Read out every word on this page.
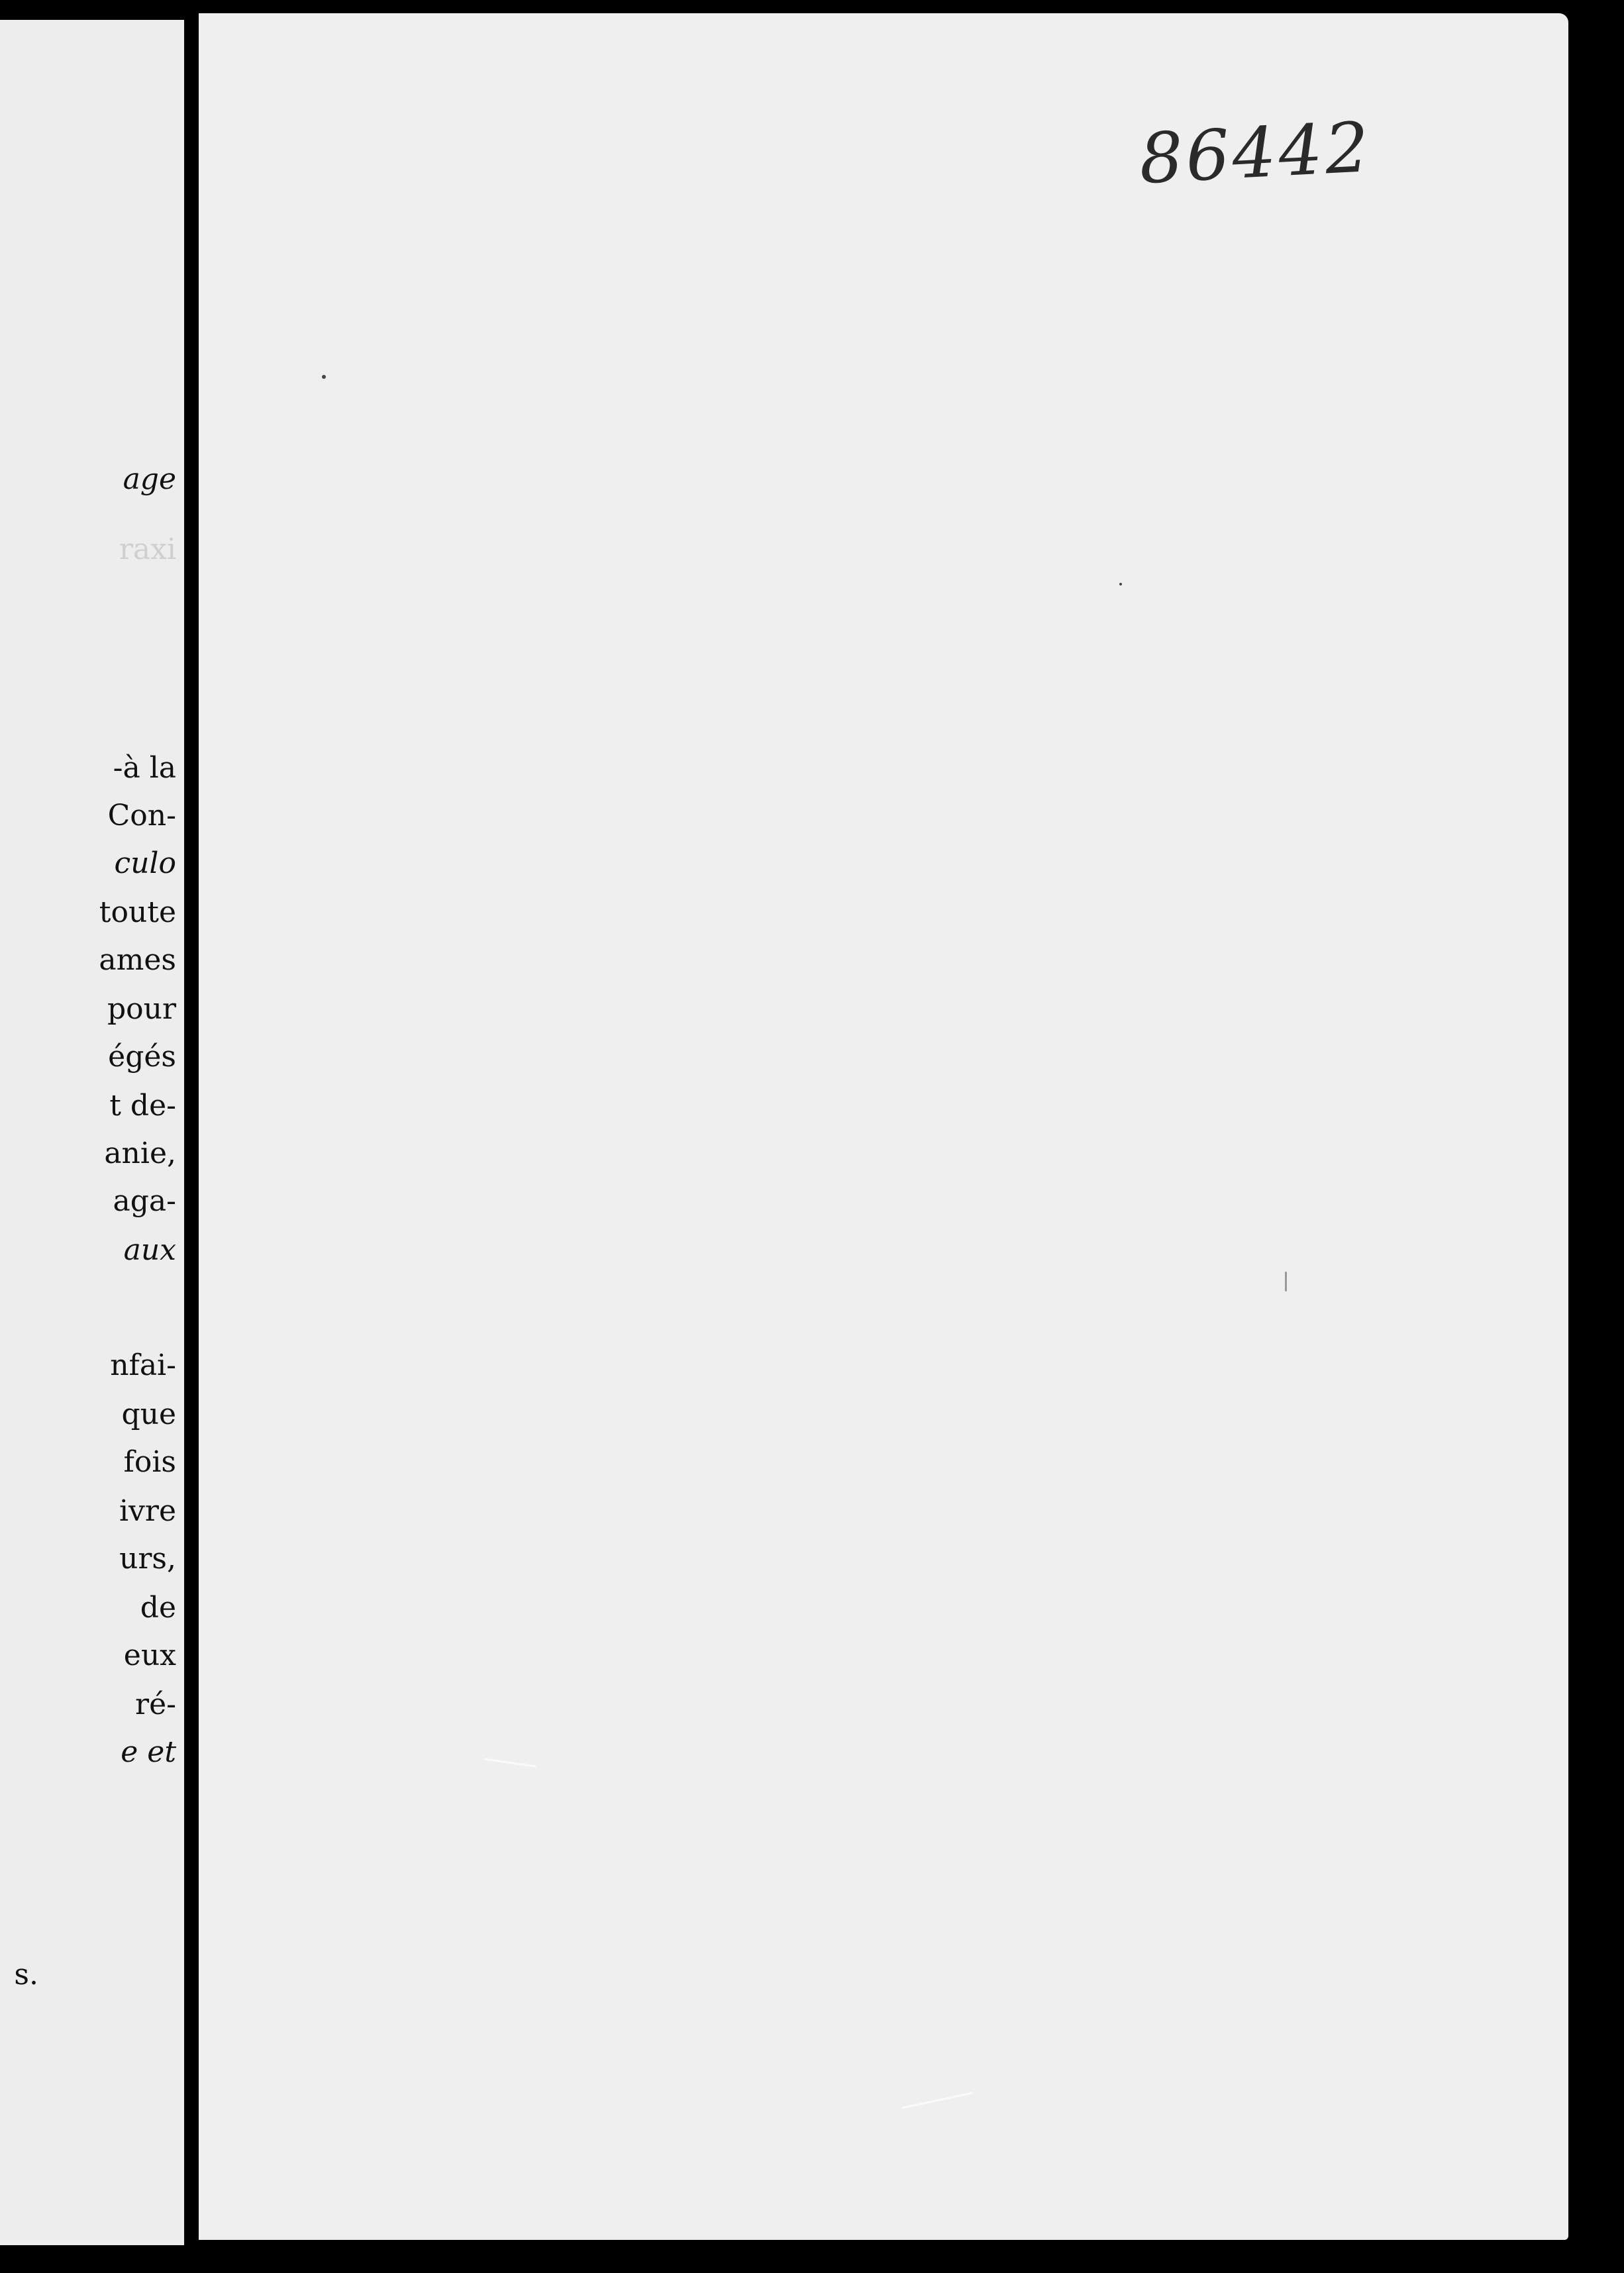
age
raxi
-à la
Con-
culo
toute
ames
pour
égés
t de-
anie,
aga-
aux
nfai-
que
fois
ivre
urs,
de
eux
ré-
e et
s.
86442
